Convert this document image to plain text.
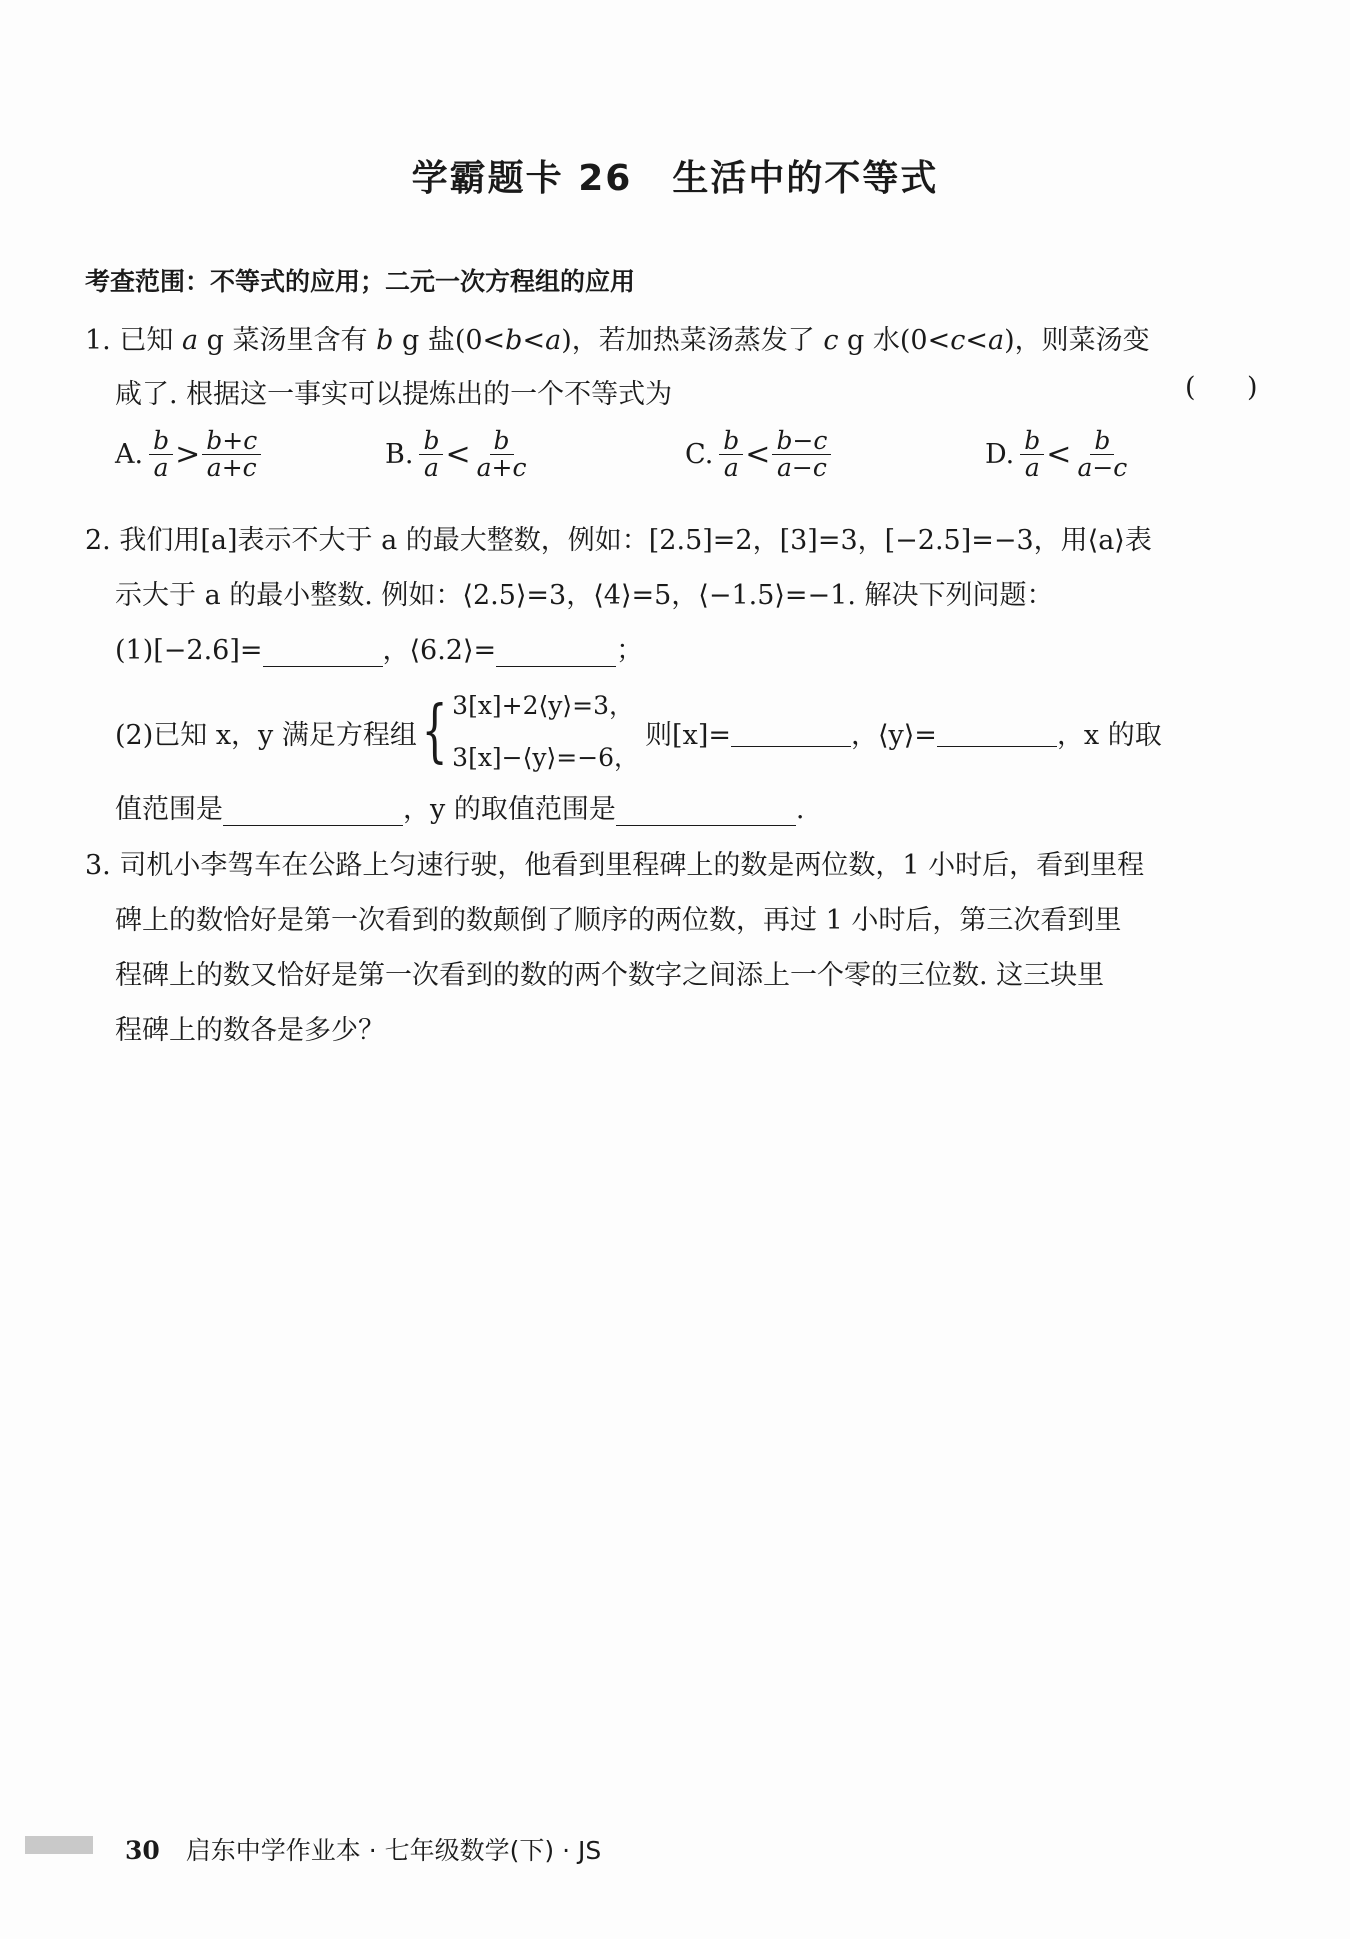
学霸题卡 26 生活中的不等式
考查范围：不等式的应用；二元一次方程组的应用
1. 已知 a g 菜汤里含有 b g 盐(0<b<a)，若加热菜汤蒸发了 c g 水(0<c<a)，则菜汤变
咸了. 根据这一事实可以提炼出的一个不等式为	( )
A. $\frac{b}{a} > \frac{b+c}{a+c}$	B. $\frac{b}{a} < \frac{b}{a+c}$	C. $\frac{b}{a} < \frac{b-c}{a-c}$	D. $\frac{b}{a} < \frac{b}{a-c}$
2. 我们用[a]表示不大于 a 的最大整数，例如：[2.5]=2，[3]=3，[−2.5]=−3，用⟨a⟩表
示大于 a 的最小整数. 例如：⟨2.5⟩=3，⟨4⟩=5，⟨−1.5⟩=−1. 解决下列问题：
(1)[−2.6]=	，⟨6.2⟩=	；
(2)已知 x，y 满足方程组 { 3[x]+2⟨y⟩=3，
3[x]−⟨y⟩=−6，
则[x]=	，⟨y⟩=	，x 的取
值范围是	，y 的取值范围是	.
3. 司机小李驾车在公路上匀速行驶，他看到里程碑上的数是两位数，1 小时后，看到里程
碑上的数恰好是第一次看到的数颠倒了顺序的两位数，再过 1 小时后，第三次看到里
程碑上的数又恰好是第一次看到的数的两个数字之间添上一个零的三位数. 这三块里
程碑上的数各是多少？
30 启东中学作业本 · 七年级数学(下) · JS
